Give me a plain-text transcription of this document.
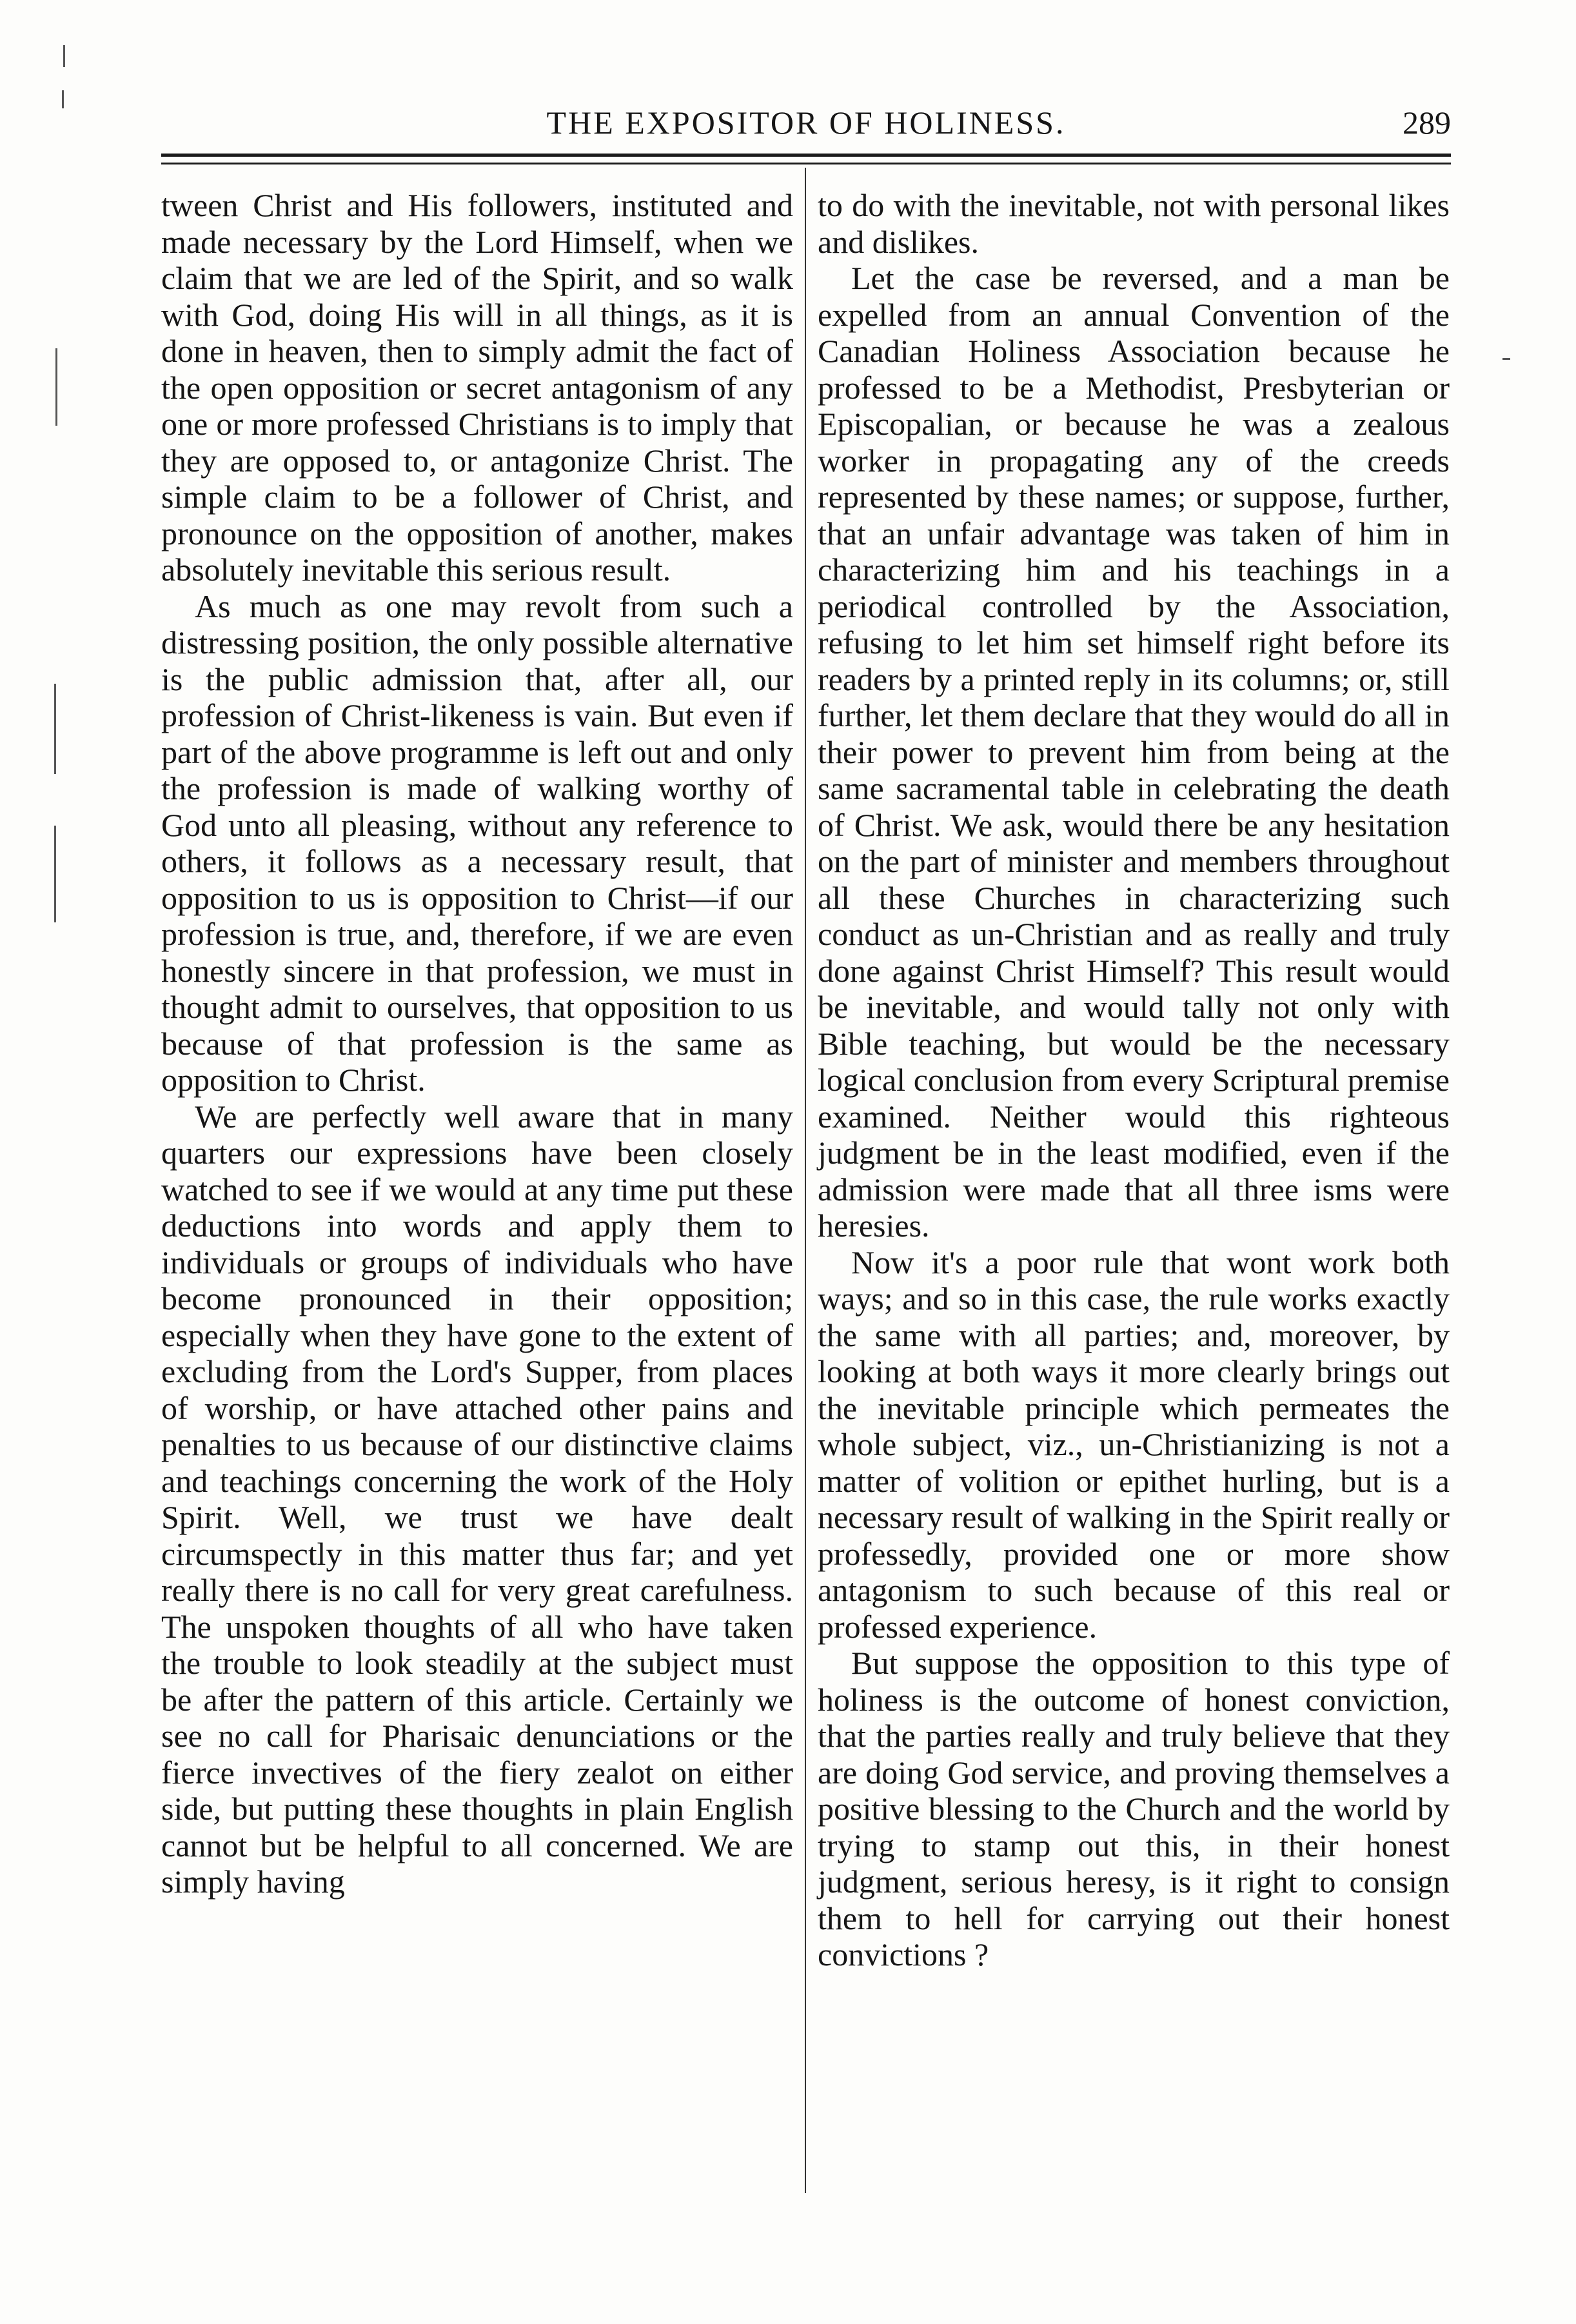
THE EXPOSITOR OF HOLINESS.	289

tween Christ and His followers, instituted and made necessary by the Lord Himself, when we claim that we are led of the Spirit, and so walk with God, doing His will in all things, as it is done in heaven, then to simply admit the fact of the open opposition or secret antagonism of any one or more professed Christians is to imply that they are opposed to, or antagonize Christ. The simple claim to be a follower of Christ, and pronounce on the opposition of another, makes absolutely inevitable this serious result.

As much as one may revolt from such a distressing position, the only possible alternative is the public admission that, after all, our profession of Christ-likeness is vain. But even if part of the above programme is left out and only the profession is made of walking worthy of God unto all pleasing, without any reference to others, it follows as a necessary result, that opposition to us is opposition to Christ—if our profession is true, and, therefore, if we are even honestly sincere in that profession, we must in thought admit to ourselves, that opposition to us because of that profession is the same as opposition to Christ.

We are perfectly well aware that in many quarters our expressions have been closely watched to see if we would at any time put these deductions into words and apply them to individuals or groups of individuals who have become pronounced in their opposition; especially when they have gone to the extent of excluding from the Lord's Supper, from places of worship, or have attached other pains and penalties to us because of our distinctive claims and teachings concerning the work of the Holy Spirit. Well, we trust we have dealt circumspectly in this matter thus far; and yet really there is no call for very great carefulness. The unspoken thoughts of all who have taken the trouble to look steadily at the subject must be after the pattern of this article. Certainly we see no call for Pharisaic denunciations or the fierce invectives of the fiery zealot on either side, but putting these thoughts in plain English cannot but be helpful to all concerned. We are simply having

to do with the inevitable, not with personal likes and dislikes.

Let the case be reversed, and a man be expelled from an annual Convention of the Canadian Holiness Association because he professed to be a Methodist, Presbyterian or Episcopalian, or because he was a zealous worker in propagating any of the creeds represented by these names; or suppose, further, that an unfair advantage was taken of him in characterizing him and his teachings in a periodical controlled by the Association, refusing to let him set himself right before its readers by a printed reply in its columns; or, still further, let them declare that they would do all in their power to prevent him from being at the same sacramental table in celebrating the death of Christ. We ask, would there be any hesitation on the part of minister and members throughout all these Churches in characterizing such conduct as un-Christian and as really and truly done against Christ Himself? This result would be inevitable, and would tally not only with Bible teaching, but would be the necessary logical conclusion from every Scriptural premise examined. Neither would this righteous judgment be in the least modified, even if the admission were made that all three isms were heresies.

Now it's a poor rule that wont work both ways; and so in this case, the rule works exactly the same with all parties; and, moreover, by looking at both ways it more clearly brings out the inevitable principle which permeates the whole subject, viz., un-Christianizing is not a matter of volition or epithet hurling, but is a necessary result of walking in the Spirit really or professedly, provided one or more show antagonism to such because of this real or professed experience.

But suppose the opposition to this type of holiness is the outcome of honest conviction, that the parties really and truly believe that they are doing God service, and proving themselves a positive blessing to the Church and the world by trying to stamp out this, in their honest judgment, serious heresy, is it right to consign them to hell for carrying out their honest convictions ?
